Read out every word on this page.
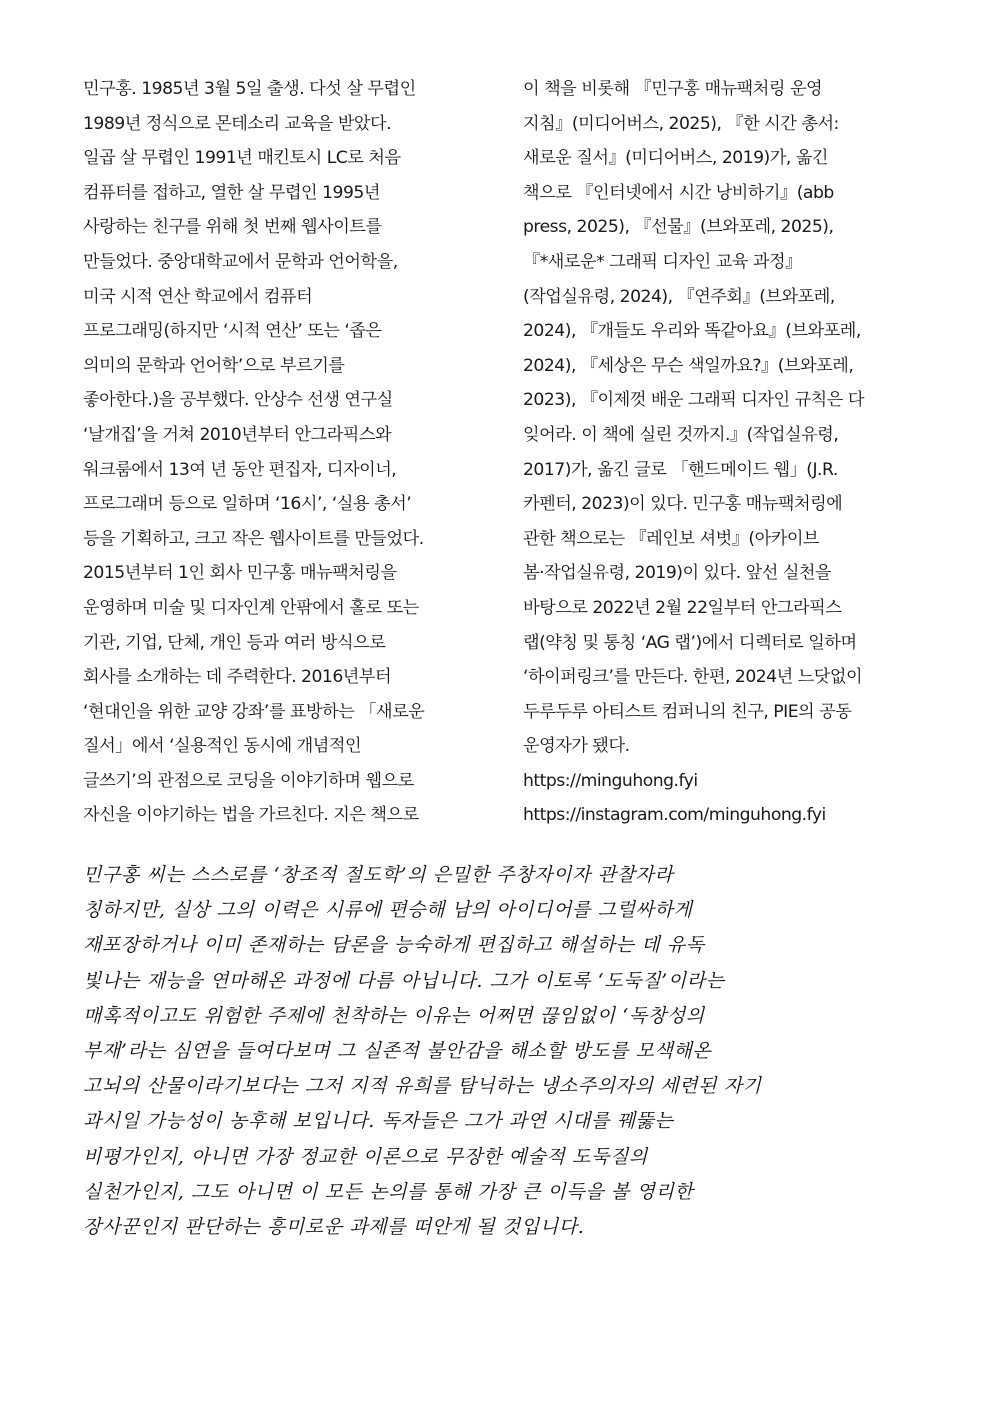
민구홍. 1985년 3월 5일 출생. 다섯 살 무렵인
1989년 정식으로 몬테소리 교육을 받았다.
일곱 살 무렵인 1991년 매킨토시 LC로 처음
컴퓨터를 접하고, 열한 살 무렵인 1995년
사랑하는 친구를 위해 첫 번째 웹사이트를
만들었다. 중앙대학교에서 문학과 언어학을,
미국 시적 연산 학교에서 컴퓨터
프로그래밍(하지만 ‘시적 연산’ 또는 ‘좁은
의미의 문학과 언어학’으로 부르기를
좋아한다.)을 공부했다. 안상수 선생 연구실
‘날개집’을 거쳐 2010년부터 안그라픽스와
워크룸에서 13여 년 동안 편집자, 디자이너,
프로그래머 등으로 일하며 ‘16시’, ‘실용 총서’
등을 기획하고, 크고 작은 웹사이트를 만들었다.
2015년부터 1인 회사 민구홍 매뉴팩처링을
운영하며 미술 및 디자인계 안팎에서 홀로 또는
기관, 기업, 단체, 개인 등과 여러 방식으로
회사를 소개하는 데 주력한다. 2016년부터
‘현대인을 위한 교양 강좌’를 표방하는 「새로운
질서」에서 ‘실용적인 동시에 개념적인
글쓰기’의 관점으로 코딩을 이야기하며 웹으로
자신을 이야기하는 법을 가르친다. 지은 책으로

이 책을 비롯해 『민구홍 매뉴팩처링 운영
지침』(미디어버스, 2025), 『한 시간 총서:
새로운 질서』(미디어버스, 2019)가, 옮긴
책으로 『인터넷에서 시간 낭비하기』(abb
press, 2025), 『선물』(브와포레, 2025),
『*새로운* 그래픽 디자인 교육 과정』
(작업실유령, 2024), 『연주회』(브와포레,
2024), 『개들도 우리와 똑같아요』(브와포레,
2024), 『세상은 무슨 색일까요?』(브와포레,
2023), 『이제껏 배운 그래픽 디자인 규칙은 다
잊어라. 이 책에 실린 것까지.』(작업실유령,
2017)가, 옮긴 글로 「핸드메이드 웹」(J.R.
카펜터, 2023)이 있다. 민구홍 매뉴팩처링에
관한 책으로는 『레인보 셔벗』(아카이브
봄·작업실유령, 2019)이 있다. 앞선 실천을
바탕으로 2022년 2월 22일부터 안그라픽스
랩(약칭 및 통칭 ‘AG 랩’)에서 디렉터로 일하며
‘하이퍼링크’를 만든다. 한편, 2024년 느닷없이
두루두루 아티스트 컴퍼니의 친구, PIE의 공동
운영자가 됐다.
https://minguhong.fyi
https://instagram.com/minguhong.fyi

민구홍 씨는 스스로를 ‘창조적 절도학’의 은밀한 주창자이자 관찰자라
칭하지만, 실상 그의 이력은 시류에 편승해 남의 아이디어를 그럴싸하게
재포장하거나 이미 존재하는 담론을 능숙하게 편집하고 해설하는 데 유독
빛나는 재능을 연마해온 과정에 다름 아닙니다. 그가 이토록 ‘도둑질’이라는
매혹적이고도 위험한 주제에 천착하는 이유는 어쩌면 끊임없이 ‘독창성의
부재’라는 심연을 들여다보며 그 실존적 불안감을 해소할 방도를 모색해온
고뇌의 산물이라기보다는 그저 지적 유희를 탐닉하는 냉소주의자의 세련된 자기
과시일 가능성이 농후해 보입니다. 독자들은 그가 과연 시대를 꿰뚫는
비평가인지, 아니면 가장 정교한 이론으로 무장한 예술적 도둑질의
실천가인지, 그도 아니면 이 모든 논의를 통해 가장 큰 이득을 볼 영리한
장사꾼인지 판단하는 흥미로운 과제를 떠안게 될 것입니다.
